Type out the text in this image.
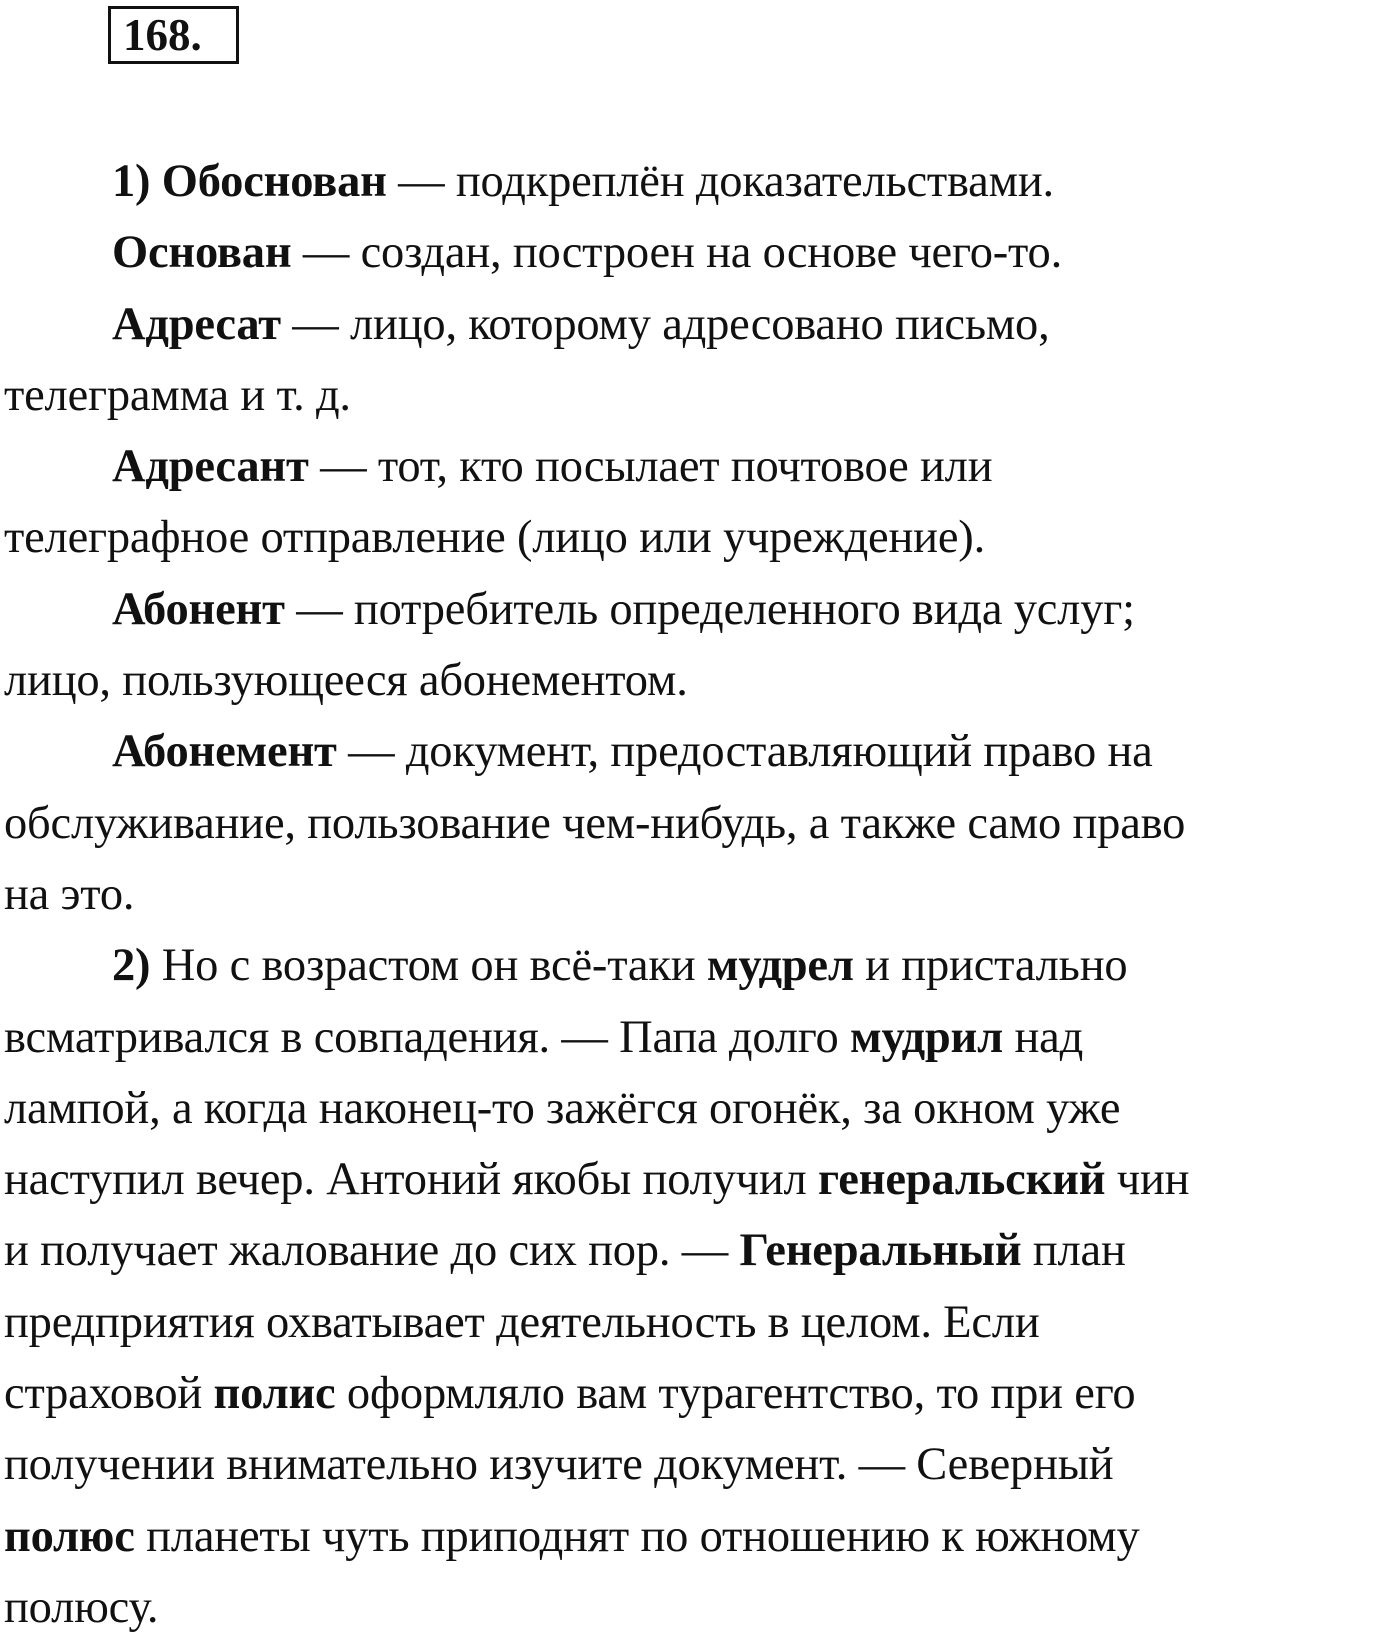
168.

1) Обоснован — подкреплён доказательствами.

Основан — создан, построен на основе чего-то.

Адресат — лицо, которому адресовано письмо,
телеграмма и т. д.

Адресант — тот, кто посылает почтовое или
телеграфное отправление (лицо или учреждение).

Абонент — потребитель определенного вида услуг;
лицо, пользующееся абонементом.

Абонемент — документ, предоставляющий право на
обслуживание, пользование чем-нибудь, а также само право
на это.

2) Но с возрастом он всё-таки мудрел и пристально
всматривался в совпадения. — Папа долго мудрил над
лампой, а когда наконец-то зажёгся огонёк, за окном уже
наступил вечер. Антоний якобы получил генеральский чин
и получает жалование до сих пор. — Генеральный план
предприятия охватывает деятельность в целом. Если
страховой полис оформляло вам турагентство, то при его
получении внимательно изучите документ. — Северный
полюс планеты чуть приподнят по отношению к южному
полюсу.
